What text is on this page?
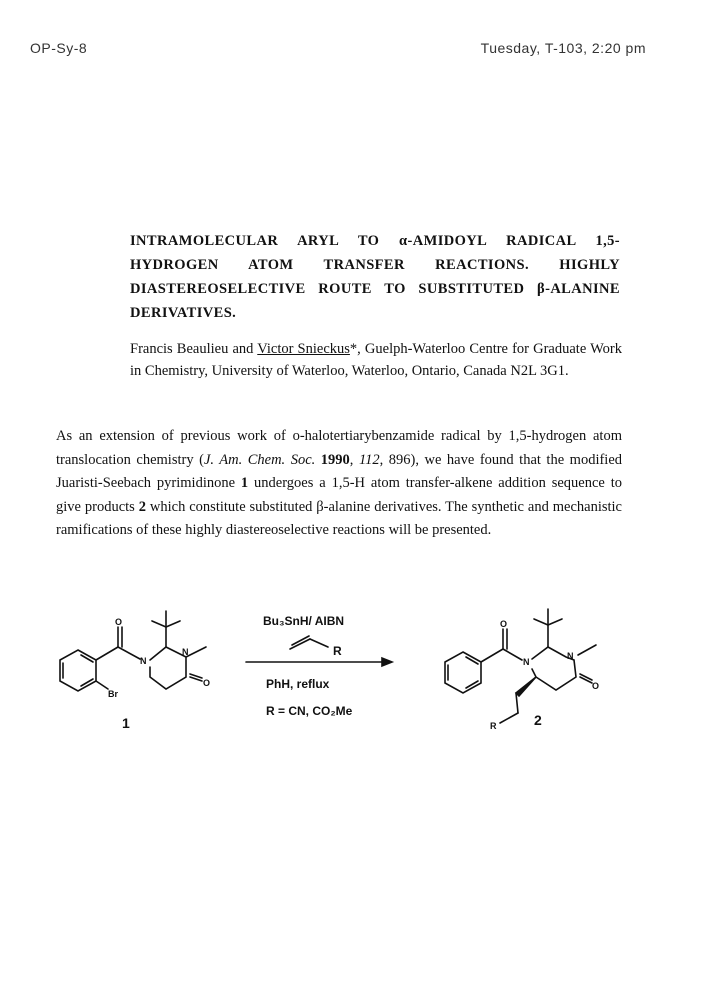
OP-Sy-8	Tuesday, T-103, 2:20 pm

INTRAMOLECULAR ARYL TO α-AMIDOYL RADICAL 1,5-HYDROGEN ATOM TRANSFER REACTIONS. HIGHLY DIASTEREOSELECTIVE ROUTE TO SUBSTITUTED β-ALANINE DERIVATIVES.

Francis Beaulieu and Victor Snieckus*, Guelph-Waterloo Centre for Graduate Work in Chemistry, University of Waterloo, Waterloo, Ontario, Canada N2L 3G1.

As an extension of previous work of o-halotertiarybenzamide radical by 1,5-hydrogen atom translocation chemistry (J. Am. Chem. Soc. 1990, 112, 896), we have found that the modified Juaristi-Seebach pyrimidinone 1 undergoes a 1,5-H atom transfer-alkene addition sequence to give products 2 which constitute substituted β-alanine derivatives. The synthetic and mechanistic ramifications of these highly diastereoselective reactions will be presented.

O
N
N
O
Br
O
N
N
O
R
1	2
Bu₃SnH/ AIBN
R
PhH, reflux
R = CN, CO₂Me
